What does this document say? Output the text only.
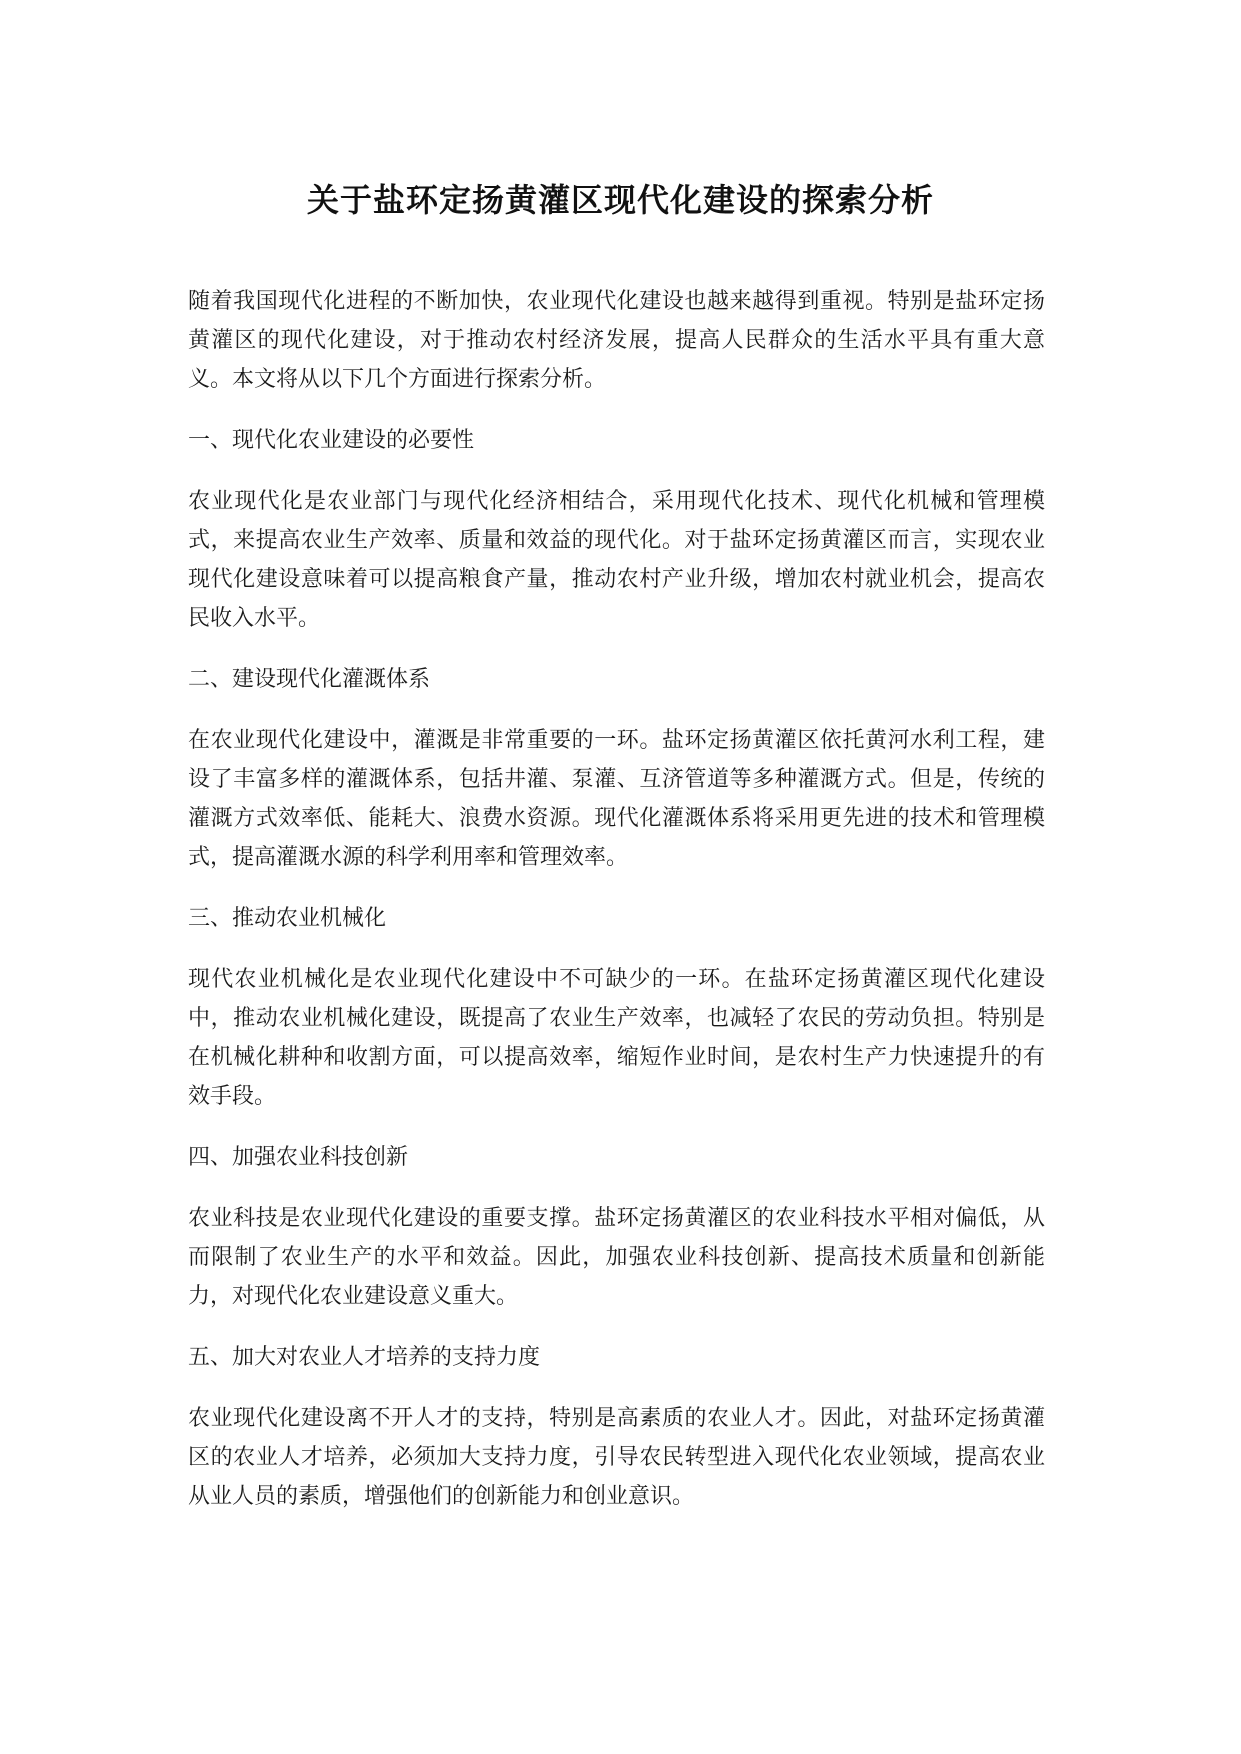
关于盐环定扬黄灌区现代化建设的探索分析

随着我国现代化进程的不断加快，农业现代化建设也越来越得到重视。特别是盐环定扬黄灌区的现代化建设，对于推动农村经济发展，提高人民群众的生活水平具有重大意义。本文将从以下几个方面进行探索分析。

一、现代化农业建设的必要性

农业现代化是农业部门与现代化经济相结合，采用现代化技术、现代化机械和管理模式，来提高农业生产效率、质量和效益的现代化。对于盐环定扬黄灌区而言，实现农业现代化建设意味着可以提高粮食产量，推动农村产业升级，增加农村就业机会，提高农民收入水平。

二、建设现代化灌溉体系

在农业现代化建设中，灌溉是非常重要的一环。盐环定扬黄灌区依托黄河水利工程，建设了丰富多样的灌溉体系，包括井灌、泵灌、互济管道等多种灌溉方式。但是，传统的灌溉方式效率低、能耗大、浪费水资源。现代化灌溉体系将采用更先进的技术和管理模式，提高灌溉水源的科学利用率和管理效率。

三、推动农业机械化

现代农业机械化是农业现代化建设中不可缺少的一环。在盐环定扬黄灌区现代化建设中，推动农业机械化建设，既提高了农业生产效率，也减轻了农民的劳动负担。特别是在机械化耕种和收割方面，可以提高效率，缩短作业时间，是农村生产力快速提升的有效手段。

四、加强农业科技创新

农业科技是农业现代化建设的重要支撑。盐环定扬黄灌区的农业科技水平相对偏低，从而限制了农业生产的水平和效益。因此，加强农业科技创新、提高技术质量和创新能力，对现代化农业建设意义重大。

五、加大对农业人才培养的支持力度

农业现代化建设离不开人才的支持，特别是高素质的农业人才。因此，对盐环定扬黄灌区的农业人才培养，必须加大支持力度，引导农民转型进入现代化农业领域，提高农业从业人员的素质，增强他们的创新能力和创业意识。
